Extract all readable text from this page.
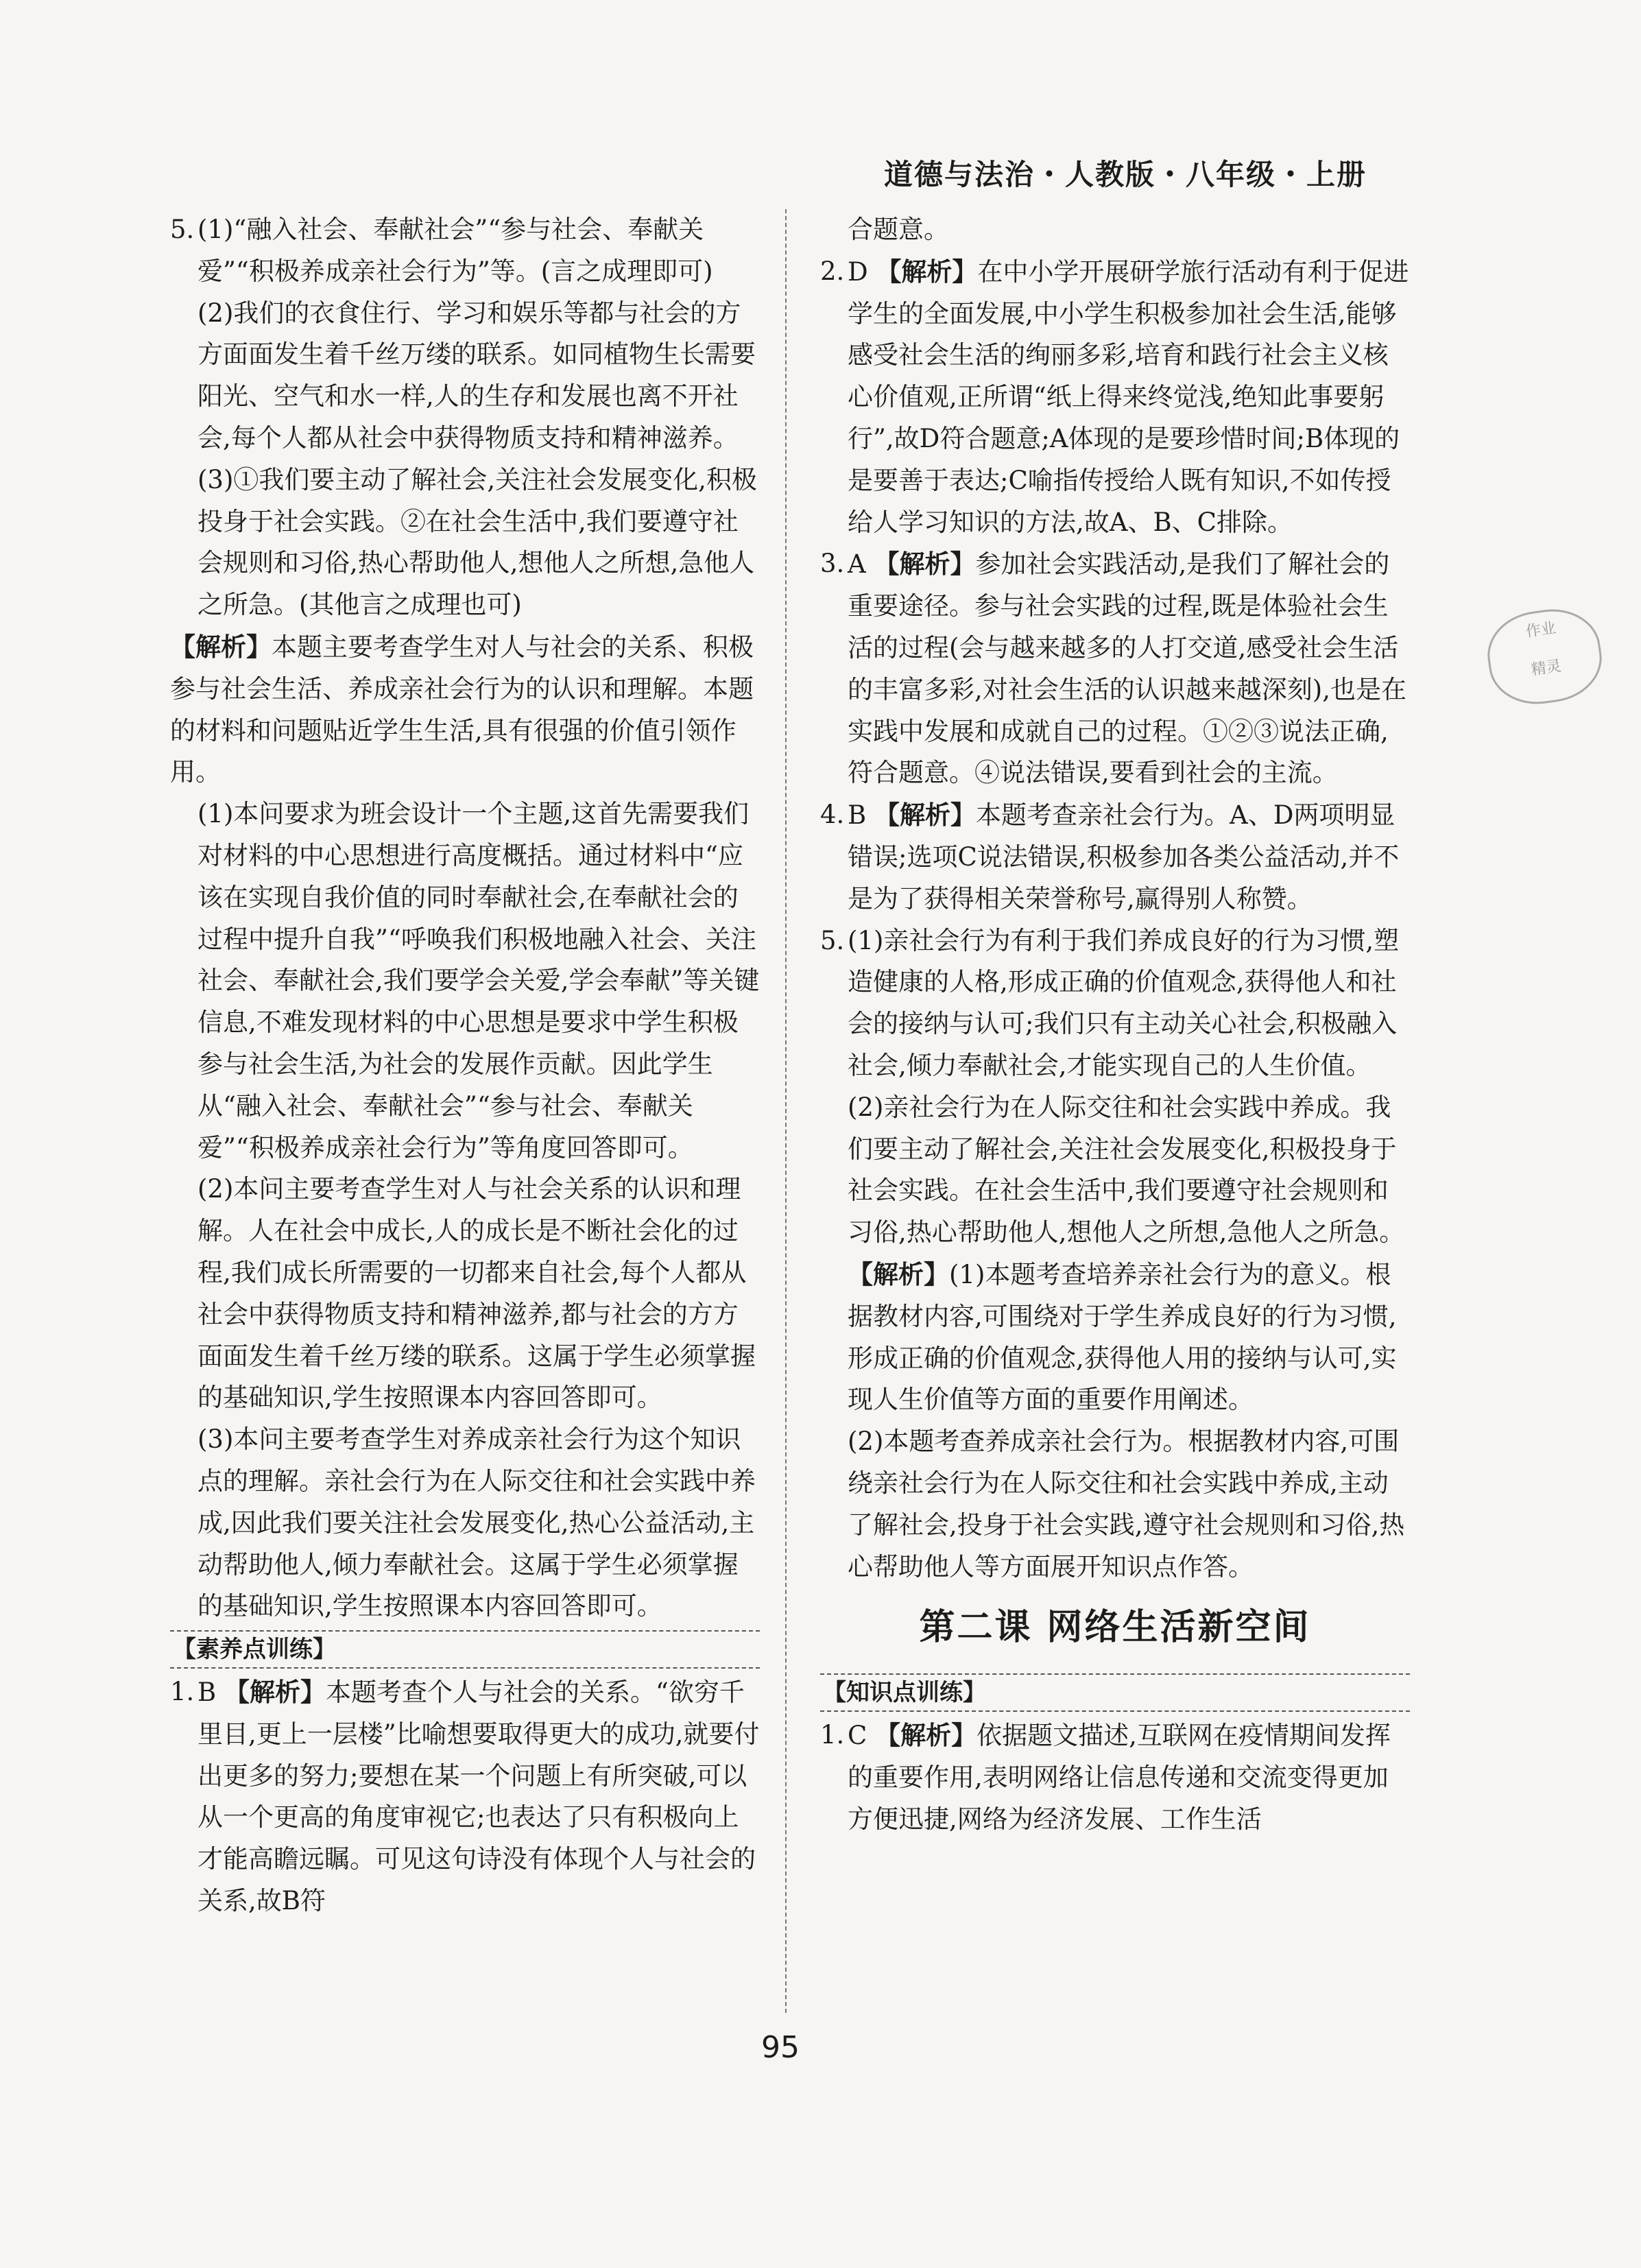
道德与法治・人教版・八年级・上册
作业

精灵
5. (1)“融入社会、奉献社会”“参与社会、奉献关爱”“积极养成亲社会行为”等。(言之成理即可)
(2)我们的衣食住行、学习和娱乐等都与社会的方方面面发生着千丝万缕的联系。如同植物生长需要阳光、空气和水一样,人的生存和发展也离不开社会,每个人都从社会中获得物质支持和精神滋养。
(3)①我们要主动了解社会,关注社会发展变化,积极投身于社会实践。②在社会生活中,我们要遵守社会规则和习俗,热心帮助他人,想他人之所想,急他人之所急。(其他言之成理也可)
【解析】本题主要考查学生对人与社会的关系、积极参与社会生活、养成亲社会行为的认识和理解。本题的材料和问题贴近学生生活,具有很强的价值引领作用。
(1)本问要求为班会设计一个主题,这首先需要我们对材料的中心思想进行高度概括。通过材料中“应该在实现自我价值的同时奉献社会,在奉献社会的过程中提升自我”“呼唤我们积极地融入社会、关注社会、奉献社会,我们要学会关爱,学会奉献”等关键信息,不难发现材料的中心思想是要求中学生积极参与社会生活,为社会的发展作贡献。因此学生从“融入社会、奉献社会”“参与社会、奉献关爱”“积极养成亲社会行为”等角度回答即可。
(2)本问主要考查学生对人与社会关系的认识和理解。人在社会中成长,人的成长是不断社会化的过程,我们成长所需要的一切都来自社会,每个人都从社会中获得物质支持和精神滋养,都与社会的方方面面发生着千丝万缕的联系。这属于学生必须掌握的基础知识,学生按照课本内容回答即可。
(3)本问主要考查学生对养成亲社会行为这个知识点的理解。亲社会行为在人际交往和社会实践中养成,因此我们要关注社会发展变化,热心公益活动,主动帮助他人,倾力奉献社会。这属于学生必须掌握的基础知识,学生按照课本内容回答即可。
【素养点训练】
1. B 【解析】本题考查个人与社会的关系。“欲穷千里目,更上一层楼”比喻想要取得更大的成功,就要付出更多的努力;要想在某一个问题上有所突破,可以从一个更高的角度审视它;也表达了只有积极向上才能高瞻远瞩。可见这句诗没有体现个人与社会的关系,故B符
合题意。
2. D 【解析】在中小学开展研学旅行活动有利于促进学生的全面发展,中小学生积极参加社会生活,能够感受社会生活的绚丽多彩,培育和践行社会主义核心价值观,正所谓“纸上得来终觉浅,绝知此事要躬行”,故D符合题意;A体现的是要珍惜时间;B体现的是要善于表达;C喻指传授给人既有知识,不如传授给人学习知识的方法,故A、B、C排除。
3. A 【解析】参加社会实践活动,是我们了解社会的重要途径。参与社会实践的过程,既是体验社会生活的过程(会与越来越多的人打交道,感受社会生活的丰富多彩,对社会生活的认识越来越深刻),也是在实践中发展和成就自己的过程。①②③说法正确,符合题意。④说法错误,要看到社会的主流。
4. B 【解析】本题考查亲社会行为。A、D两项明显错误;选项C说法错误,积极参加各类公益活动,并不是为了获得相关荣誉称号,赢得别人称赞。
5. (1)亲社会行为有利于我们养成良好的行为习惯,塑造健康的人格,形成正确的价值观念,获得他人和社会的接纳与认可;我们只有主动关心社会,积极融入社会,倾力奉献社会,才能实现自己的人生价值。
(2)亲社会行为在人际交往和社会实践中养成。我们要主动了解社会,关注社会发展变化,积极投身于社会实践。在社会生活中,我们要遵守社会规则和习俗,热心帮助他人,想他人之所想,急他人之所急。
【解析】(1)本题考查培养亲社会行为的意义。根据教材内容,可围绕对于学生养成良好的行为习惯,形成正确的价值观念,获得他人用的接纳与认可,实现人生价值等方面的重要作用阐述。
(2)本题考查养成亲社会行为。根据教材内容,可围绕亲社会行为在人际交往和社会实践中养成,主动了解社会,投身于社会实践,遵守社会规则和习俗,热心帮助他人等方面展开知识点作答。
第二课 网络生活新空间
【知识点训练】
1. C 【解析】依据题文描述,互联网在疫情期间发挥的重要作用,表明网络让信息传递和交流变得更加方便迅捷,网络为经济发展、工作生活
95
